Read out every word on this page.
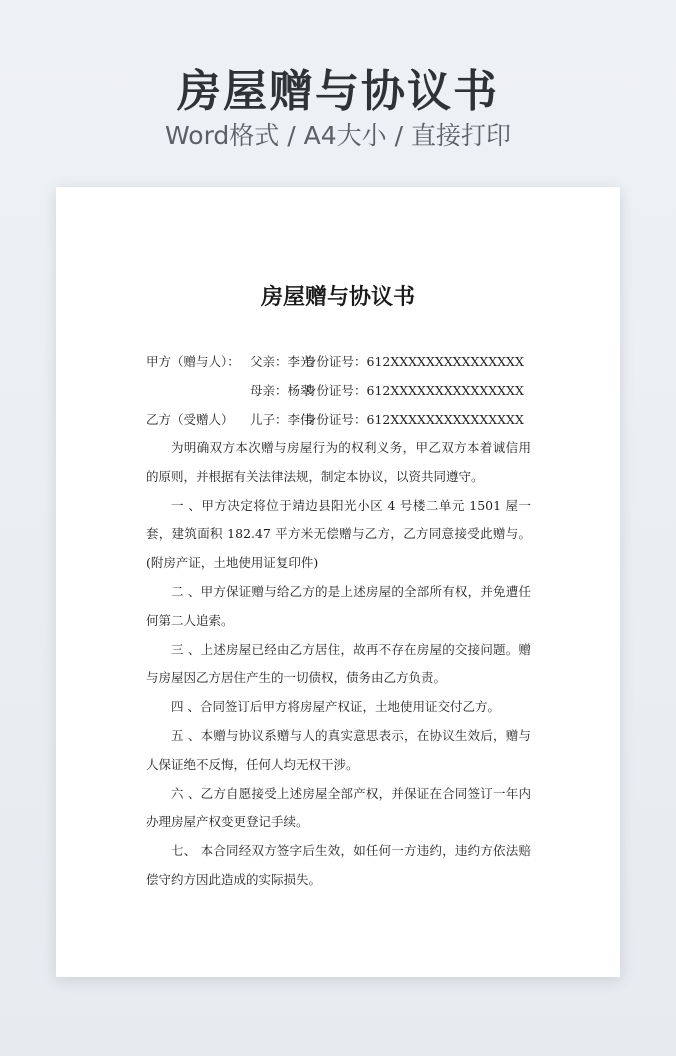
房屋赠与协议书
Word格式 / A4大小 / 直接打印
房屋赠与协议书
甲方（赠与人）： 父亲：李光
身份证号：612XXXXXXXXXXXXXXX
母亲：杨翠
身份证号：612XXXXXXXXXXXXXXX
乙方（受赠人） 儿子：李伟
身份证号：612XXXXXXXXXXXXXXX

为明确双方本次赠与房屋行为的权利义务，甲乙双方本着诚信用的原则，并根据有关法律法规，制定本协议，以资共同遵守。

一 、甲方决定将位于靖边县阳光小区 4 号楼二单元 1501 屋一套，建筑面积 182.47 平方米无偿赠与乙方，乙方同意接受此赠与。(附房产证，土地使用证复印件)

二 、甲方保证赠与给乙方的是上述房屋的全部所有权，并免遭任何第二人追索。

三 、上述房屋已经由乙方居住，故再不存在房屋的交接问题。赠与房屋因乙方居住产生的一切债权，债务由乙方负责。

四 、合同签订后甲方将房屋产权证，土地使用证交付乙方。

五 、本赠与协议系赠与人的真实意思表示，在协议生效后，赠与人保证绝不反悔，任何人均无权干涉。

六 、乙方自愿接受上述房屋全部产权，并保证在合同签订一年内办理房屋产权变更登记手续。

七、 本合同经双方签字后生效，如任何一方违约，违约方依法赔偿守约方因此造成的实际损失。
